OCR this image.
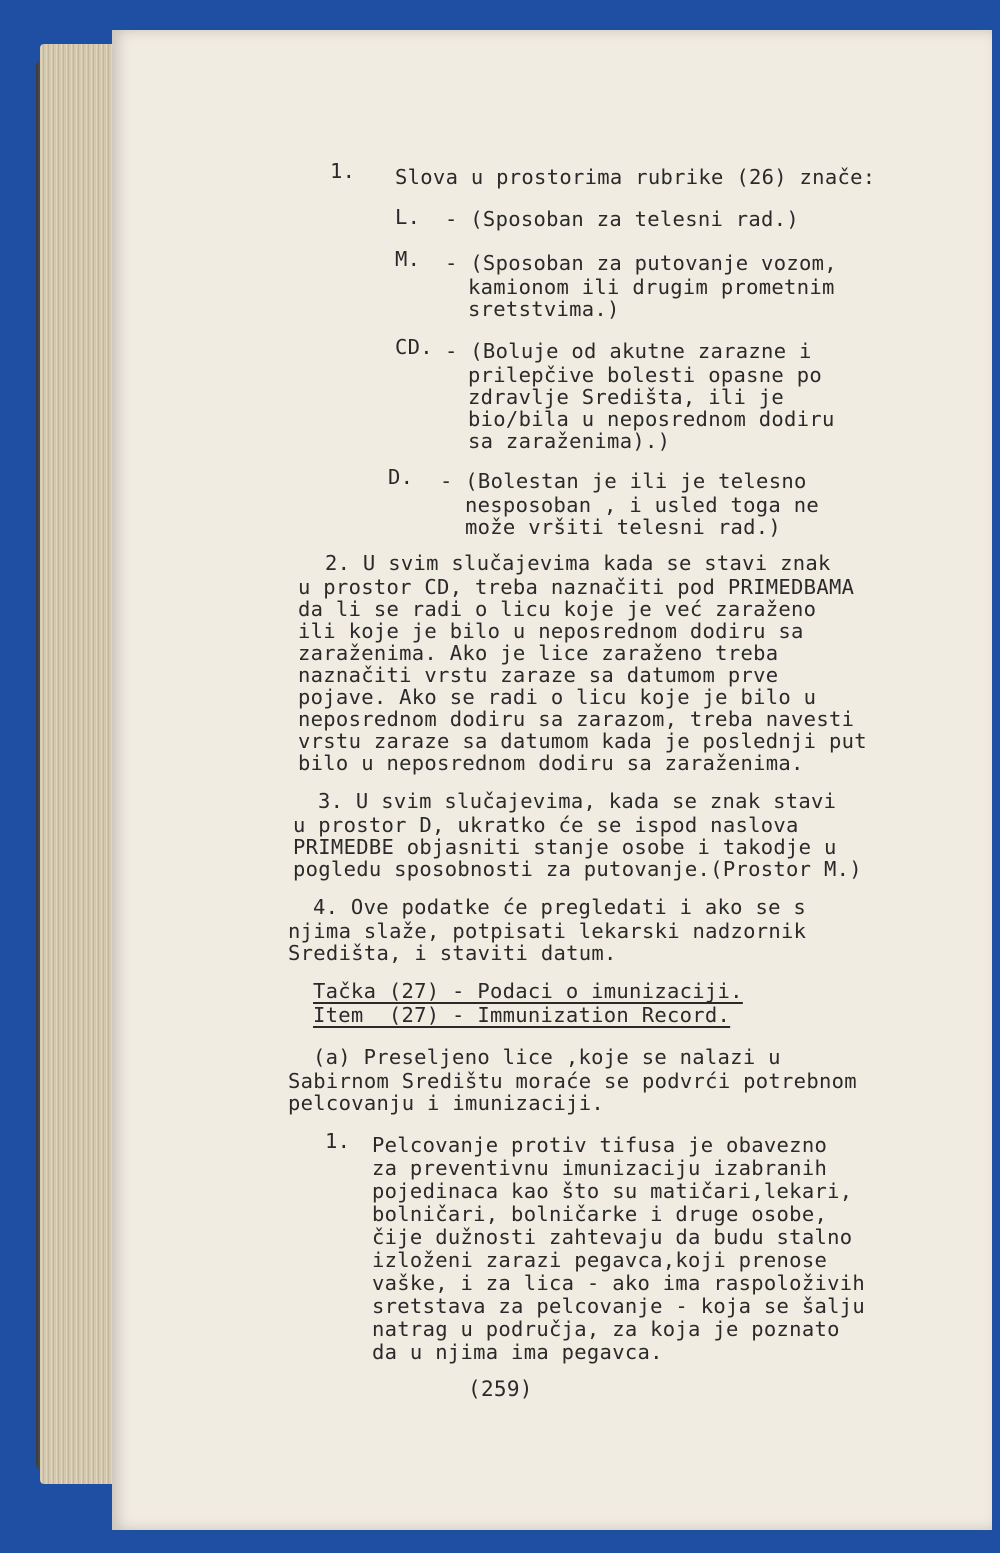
1. Slova u prostorima rubrike (26) znače:
L. - (Sposoban za telesni rad.)
M. - (Sposoban za putovanje vozom,
kamionom ili drugim prometnim
sretstvima.)
CD. - (Boluje od akutne zarazne i
prilepčive bolesti opasne po
zdravlje Središta, ili je
bio/bila u neposrednom dodiru
sa zaraženima).)
D. - (Bolestan je ili je telesno
nesposoban , i usled toga ne
može vršiti telesni rad.)
2. U svim slučajevima kada se stavi znak
u prostor CD, treba naznačiti pod PRIMEDBAMA
da li se radi o licu koje je već zaraženo
ili koje je bilo u neposrednom dodiru sa
zaraženima. Ako je lice zaraženo treba
naznačiti vrstu zaraze sa datumom prve
pojave. Ako se radi o licu koje je bilo u
neposrednom dodiru sa zarazom, treba navesti
vrstu zaraze sa datumom kada je poslednji put
bilo u neposrednom dodiru sa zaraženima.
3. U svim slučajevima, kada se znak stavi
u prostor D, ukratko će se ispod naslova
PRIMEDBE objasniti stanje osobe i takodje u
pogledu sposobnosti za putovanje.(Prostor M.)
4. Ove podatke će pregledati i ako se s
njima slaže, potpisati lekarski nadzornik
Središta, i staviti datum.
Tačka (27) - Podaci o imunizaciji.
Item  (27) - Immunization Record.
(a) Preseljeno lice ,koje se nalazi u
Sabirnom Središtu moraće se podvrći potrebnom
pelcovanju i imunizaciji.
1. Pelcovanje protiv tifusa je obavezno
za preventivnu imunizaciju izabranih
pojedinaca kao što su matičari,lekari,
bolničari, bolničarke i druge osobe,
čije dužnosti zahtevaju da budu stalno
izloženi zarazi pegavca,koji prenose
vaške, i za lica - ako ima raspoloživih
sretstava za pelcovanje - koja se šalju
natrag u područja, za koja je poznato
da u njima ima pegavca.
(259)
